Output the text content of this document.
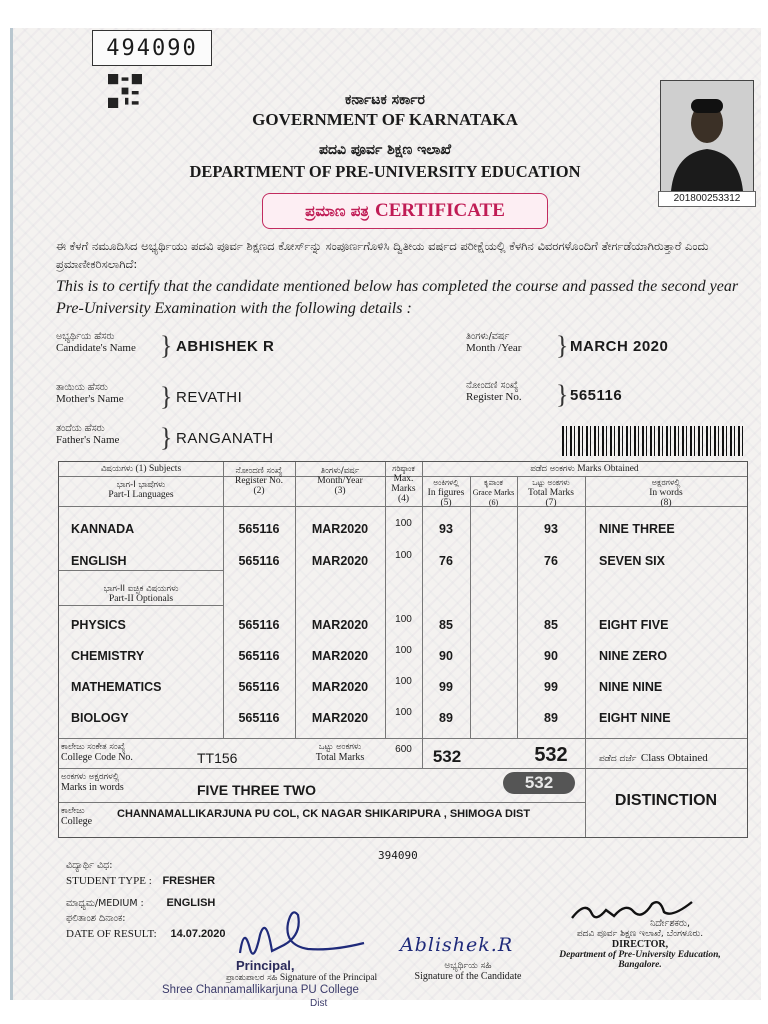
494090
ಕರ್ನಾಟಕ ಸರ್ಕಾರ
GOVERNMENT OF KARNATAKA
ಪದವಿ ಪೂರ್ವ ಶಿಕ್ಷಣ ಇಲಾಖೆ
DEPARTMENT OF PRE-UNIVERSITY EDUCATION
ಪ್ರಮಾಣ ಪತ್ರ CERTIFICATE
201800253312
ಈ ಕೆಳಗೆ ನಮೂದಿಸಿದ ಅಭ್ಯರ್ಥಿಯು ಪದವಿ ಪೂರ್ವ ಶಿಕ್ಷಣದ ಕೋರ್ಸ್‌ನ್ನು ಸಂಪೂರ್ಣಗೊಳಿಸಿ ದ್ವಿತೀಯ ವರ್ಷದ ಪರೀಕ್ಷೆಯಲ್ಲಿ ಕೆಳಗಿನ ವಿವರಗಳೊಂದಿಗೆ ತೇರ್ಗಡೆಯಾಗಿರುತ್ತಾರೆ ಎಂದು ಪ್ರಮಾಣೀಕರಿಸಲಾಗಿದೆ:
This is to certify that the candidate mentioned below has completed the course and passed the second year Pre-University Examination with the following details :
ಅಭ್ಯರ್ಥಿಯ ಹೆಸರು
Candidate's Name } ABHISHEK R
ತಿಂಗಳು/ವರ್ಷ
Month /Year } MARCH 2020
ತಾಯಿಯ ಹೆಸರು
Mother's Name } REVATHI
ನೋಂದಣಿ ಸಂಖ್ಯೆ
Register No. } 565116
ತಂದೆಯ ಹೆಸರು
Father's Name } RANGANATH
ವಿಷಯಗಳು (1) Subjects
ಭಾಗ-I ಭಾಷೆಗಳು
Part-I Languages
ನೋಂದಣಿ ಸಂಖ್ಯೆ
Register No.
(2)
ತಿಂಗಳು/ವರ್ಷ
Month/Year
(3)
ಗರಿಷ್ಠಾಂಕ
Max. Marks
(4)
ಪಡೆದ ಅಂಕಗಳು Marks Obtained
ಅಂಕಿಗಳಲ್ಲಿ
In figures
(5)
ಕೃಪಾಂಕ
Grace Marks
(6)
ಒಟ್ಟು ಅಂಕಗಳು
Total Marks
(7)
ಅಕ್ಷರಗಳಲ್ಲಿ
In words
(8)
ಭಾಗ-II ಐಚ್ಛಿಕ ವಿಷಯಗಳು
Part-II Optionals
KANNADA	565116	MAR2020	100	93	93	NINE THREE
ENGLISH	565116	MAR2020	100	76	76	SEVEN SIX
PHYSICS	565116	MAR2020	100	85	85	EIGHT FIVE
CHEMISTRY	565116	MAR2020	100	90	90	NINE ZERO
MATHEMATICS	565116	MAR2020	100	99	99	NINE NINE
BIOLOGY	565116	MAR2020	100	89	89	EIGHT NINE
ಕಾಲೇಜು ಸಂಕೇತ ಸಂಖ್ಯೆ
College Code No.	TT156
ಒಟ್ಟು ಅಂಕಗಳು
Total Marks
600	532	532	ಪಡೆದ ದರ್ಜೆ Class Obtained
ಅಂಕಗಳು ಅಕ್ಷರಗಳಲ್ಲಿ
Marks in words	FIVE THREE TWO	532
DISTINCTION
ಕಾಲೇಜು
College
CHANNAMALLIKARJUNA PU COL, CK NAGAR SHIKARIPURA , SHIMOGA DIST
394090
ವಿದ್ಯಾರ್ಥಿ ವಿಧ:
STUDENT TYPE : FRESHER
ಮಾಧ್ಯಮ/MEDIUM : ENGLISH
ಫಲಿತಾಂಶ ದಿನಾಂಕ:
DATE OF RESULT: 14.07.2020
Principal,
ಪ್ರಾಂಶುಪಾಲರ ಸಹಿ Signature of the Principal
Shree Channamallikarjuna PU College
Dist
Ablishek.R
ಅಭ್ಯರ್ಥಿಯ ಸಹಿ
Signature of the Candidate
ನಿರ್ದೇಶಕರು,
ಪದವಿ ಪೂರ್ವ ಶಿಕ್ಷಣ ಇಲಾಖೆ, ಬೆಂಗಳೂರು.
DIRECTOR,
Department of Pre-University Education,
Bangalore.
